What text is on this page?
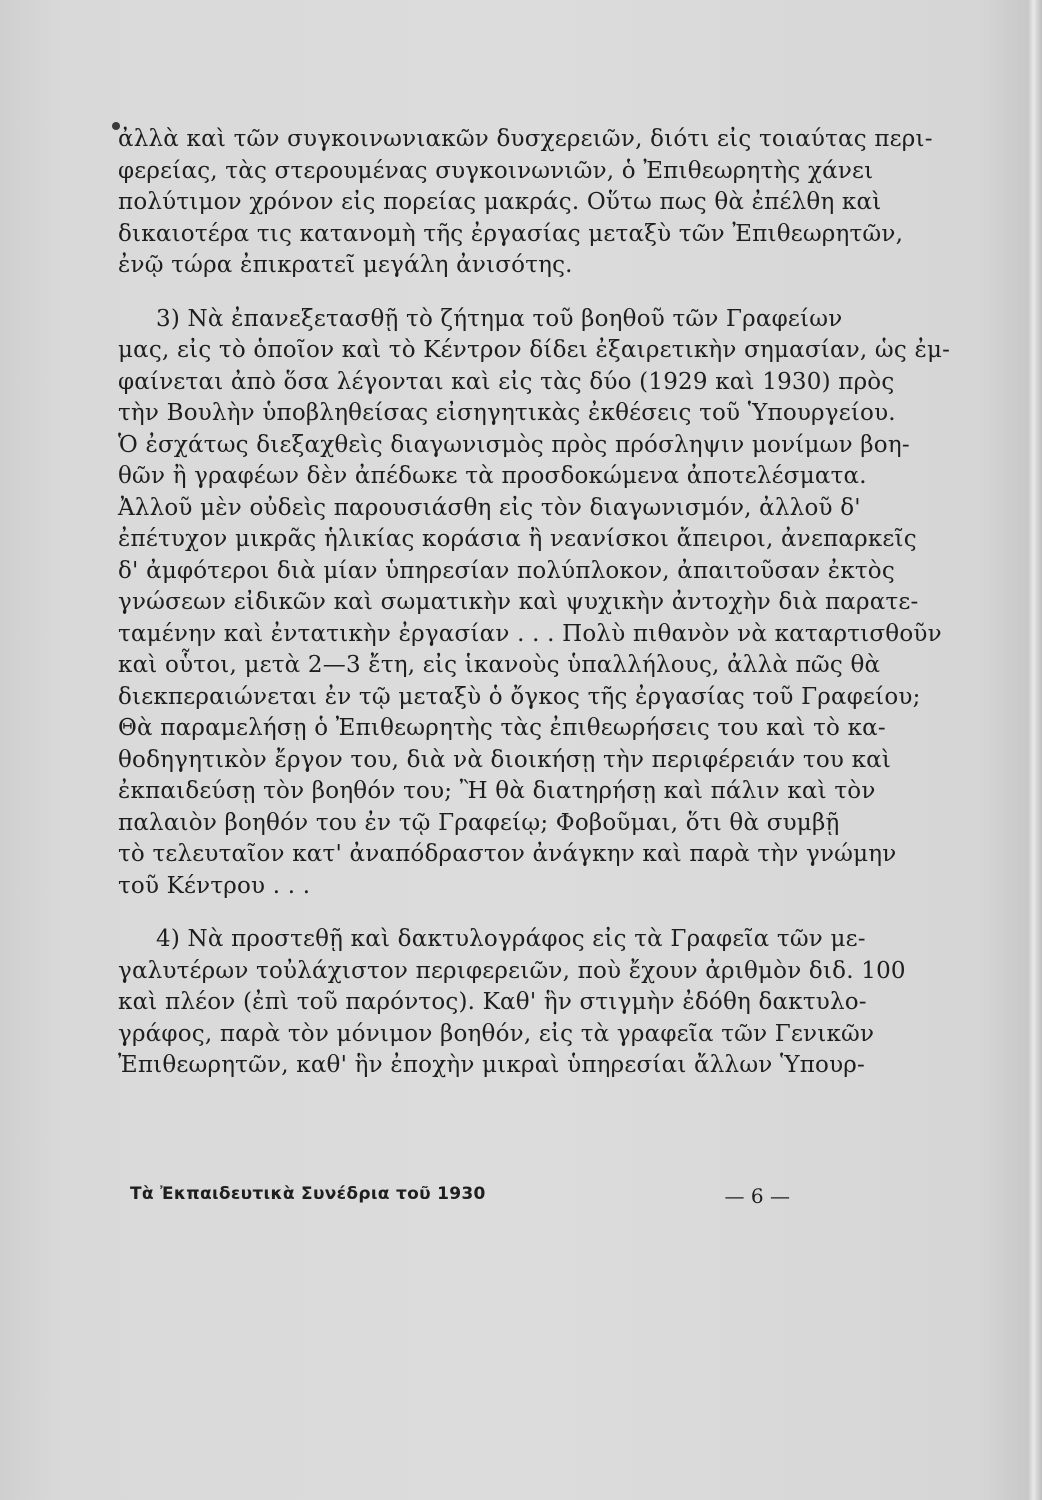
ἀλλὰ καὶ τῶν συγκοινωνιακῶν δυσχερειῶν, διότι εἰς τοιαύτας περι-
φερείας, τὰς στερουμένας συγκοινωνιῶν, ὁ Ἐπιθεωρητὴς χάνει
πολύτιμον χρόνον εἰς πορείας μακράς. Οὕτω πως θὰ ἐπέλθη καὶ
δικαιοτέρα τις κατανομὴ τῆς ἐργασίας μεταξὺ τῶν Ἐπιθεωρητῶν,
ἐνῷ τώρα ἐπικρατεῖ μεγάλη ἀνισότης.
3) Νὰ ἐπανεξετασθῇ τὸ ζήτημα τοῦ βοηθοῦ τῶν Γραφείων
μας, εἰς τὸ ὁποῖον καὶ τὸ Κέντρον δίδει ἐξαιρετικὴν σημασίαν, ὡς ἐμ-
φαίνεται ἀπὸ ὅσα λέγονται καὶ εἰς τὰς δύο (1929 καὶ 1930) πρὸς
τὴν Βουλὴν ὑποβληθείσας εἰσηγητικὰς ἐκθέσεις τοῦ Ὑπουργείου.
Ὁ ἐσχάτως διεξαχθεὶς διαγωνισμὸς πρὸς πρόσληψιν μονίμων βοη-
θῶν ἢ γραφέων δὲν ἀπέδωκε τὰ προσδοκώμενα ἀποτελέσματα.
Ἀλλοῦ μὲν οὐδεὶς παρουσιάσθη εἰς τὸν διαγωνισμόν, ἀλλοῦ δ'
ἐπέτυχον μικρᾶς ἡλικίας κοράσια ἢ νεανίσκοι ἄπειροι, ἀνεπαρκεῖς
δ' ἀμφότεροι διὰ μίαν ὑπηρεσίαν πολύπλοκον, ἀπαιτοῦσαν ἐκτὸς
γνώσεων εἰδικῶν καὶ σωματικὴν καὶ ψυχικὴν ἀντοχὴν διὰ παρατε-
ταμένην καὶ ἐντατικὴν ἐργασίαν . . . Πολὺ πιθανὸν νὰ καταρτισθοῦν
καὶ οὗτοι, μετὰ 2—3 ἔτη, εἰς ἱκανοὺς ὑπαλλήλους, ἀλλὰ πῶς θὰ
διεκπεραιώνεται ἐν τῷ μεταξὺ ὁ ὄγκος τῆς ἐργασίας τοῦ Γραφείου;
Θὰ παραμελήσῃ ὁ Ἐπιθεωρητὴς τὰς ἐπιθεωρήσεις του καὶ τὸ κα-
θοδηγητικὸν ἔργον του, διὰ νὰ διοικήσῃ τὴν περιφέρειάν του καὶ
ἐκπαιδεύσῃ τὸν βοηθόν του; Ἢ θὰ διατηρήσῃ καὶ πάλιν καὶ τὸν
παλαιὸν βοηθόν του ἐν τῷ Γραφείῳ; Φοβοῦμαι, ὅτι θὰ συμβῇ
τὸ τελευταῖον κατ' ἀναπόδραστον ἀνάγκην καὶ παρὰ τὴν γνώμην
τοῦ Κέντρου . . .
4) Νὰ προστεθῇ καὶ δακτυλογράφος εἰς τὰ Γραφεῖα τῶν με-
γαλυτέρων τοὐλάχιστον περιφερειῶν, ποὺ ἔχουν ἀριθμὸν διδ. 100
καὶ πλέον (ἐπὶ τοῦ παρόντος). Καθ' ἣν στιγμὴν ἐδόθη δακτυλο-
γράφος, παρὰ τὸν μόνιμον βοηθόν, εἰς τὰ γραφεῖα τῶν Γενικῶν
Ἐπιθεωρητῶν, καθ' ἣν ἐποχὴν μικραὶ ὑπηρεσίαι ἄλλων Ὑπουρ-
Τὰ Ἐκπαιδευτικὰ Συνέδρια τοῦ 1930	— 6 —
